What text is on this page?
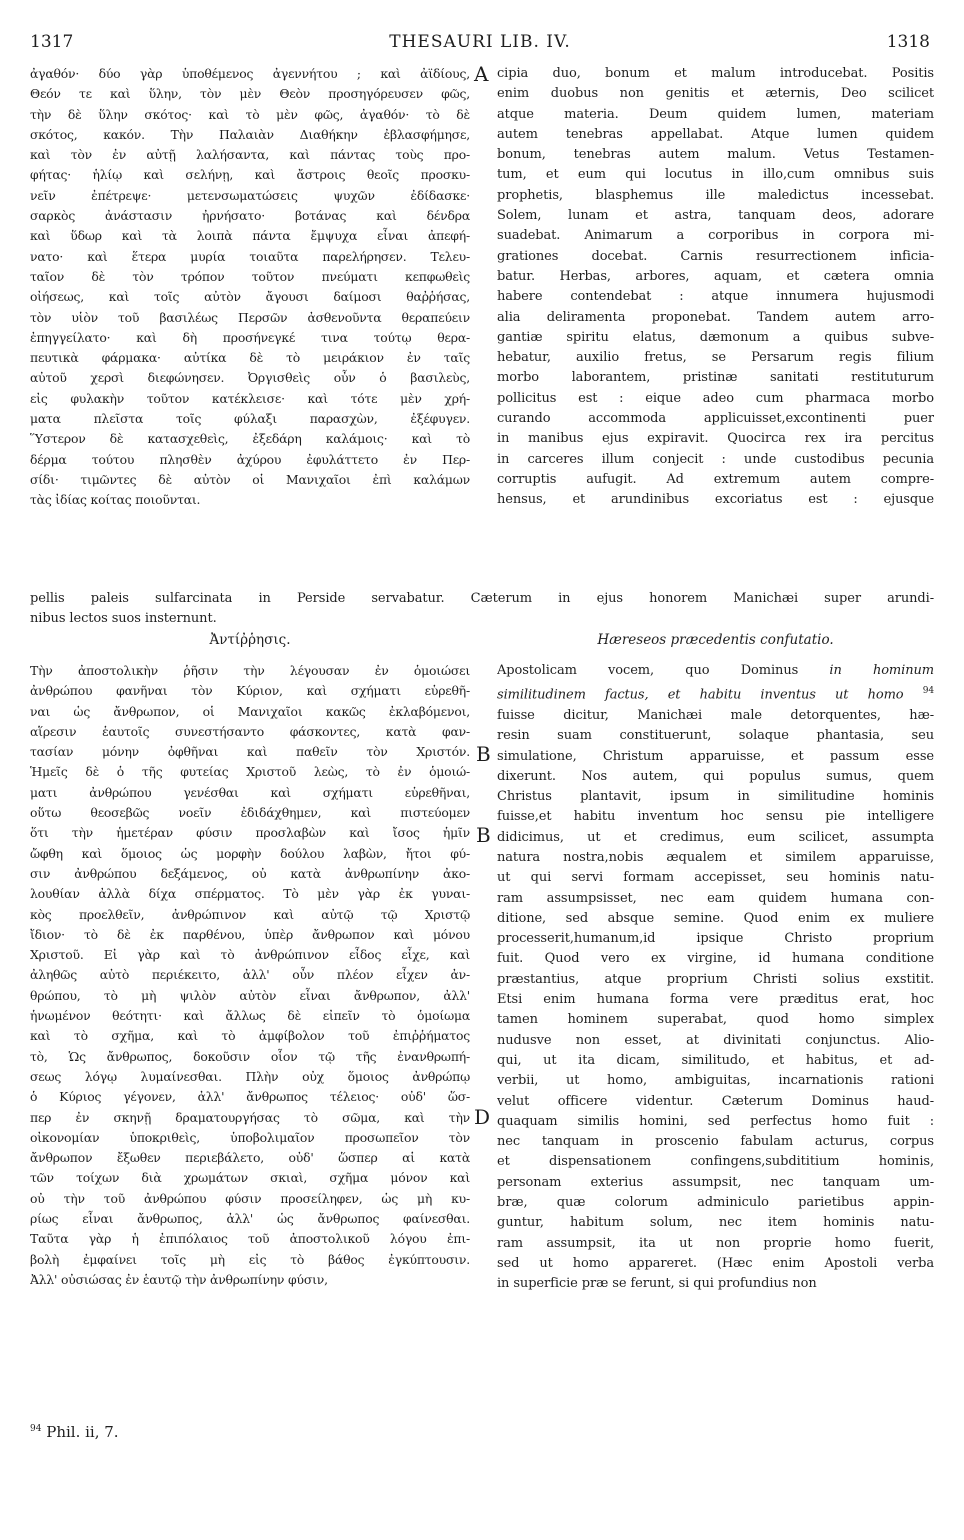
1317	THESAURI LIB. IV.	1318
ἀγαθόν· δύο γὰρ ὑποθέμενος ἀγεννήτου ; καὶ ἀϊδίους,
Θεόν τε καὶ ὕλην, τὸν μὲν Θεὸν προσηγόρευσεν φῶς,
τὴν δὲ ὕλην σκότος· καὶ τὸ μὲν φῶς, ἀγαθόν· τὸ δὲ
σκότος, κακόν. Τὴν Παλαιὰν Διαθήκην ἐβλασφήμησε,
καὶ τὸν ἐν αὐτῇ λαλήσαντα, καὶ πάντας τοὺς προ-
φήτας· ἡλίῳ καὶ σελήνῃ, καὶ ἄστροις θεοῖς προσκυ-
νεῖν ἐπέτρεψε· μετενσωματώσεις ψυχῶν ἐδίδασκε·
σαρκὸς ἀνάστασιν ἠρνήσατο· βοτάνας καὶ δένδρα
καὶ ὕδωρ καὶ τὰ λοιπὰ πάντα ἔμψυχα εἶναι ἀπεφή-
νατο· καὶ ἕτερα μυρία τοιαῦτα παρελήρησεν. Τελευ-
ταῖον δὲ τὸν τρόπον τοῦτον πνεύματι κεπφωθεὶς
οἰήσεως, καὶ τοῖς αὐτὸν ἄγουσι δαίμοσι θαῤῥήσας,
τὸν υἱὸν τοῦ βασιλέως Περσῶν ἀσθενοῦντα θεραπεύειν
ἐπηγγείλατο· καὶ δὴ προσήνεγκέ τινα τούτῳ θερα-
πευτικὰ φάρμακα· αὐτίκα δὲ τὸ μειράκιον ἐν ταῖς
αὐτοῦ χερσὶ διεφώνησεν. Ὀργισθεὶς οὖν ὁ βασιλεὺς,
εἰς φυλακὴν τοῦτον κατέκλεισε· καὶ τότε μὲν χρή-
ματα πλεῖστα τοῖς φύλαξι παρασχὼν, ἐξέφυγεν.
Ὕστερον δὲ κατασχεθεὶς, ἐξεδάρη καλάμοις· καὶ τὸ
δέρμα τούτου πλησθὲν ἀχύρου ἐφυλάττετο ἐν Περ-
σίδι· τιμῶντες δὲ αὐτὸν οἱ Μανιχαῖοι ἐπὶ καλάμων
τὰς ἰδίας κοίτας ποιοῦνται.
cipia duo, bonum et malum introducebat. Positis
enim duobus non genitis et æternis, Deo scilicet
atque materia. Deum quidem lumen, materiam
autem tenebras appellabat. Atque lumen quidem
bonum, tenebras autem malum. Vetus Testamen-
tum, et eum qui locutus in illo,cum omnibus suis
prophetis, blasphemus ille maledictus incessebat.
Solem, lunam et astra, tanquam deos, adorare
suadebat. Animarum a corporibus in corpora mi-
grationes docebat. Carnis resurrectionem inficia-
batur. Herbas, arbores, aquam, et cætera omnia
habere contendebat : atque innumera hujusmodi
alia deliramenta proponebat. Tandem autem arro-
gantiæ spiritu elatus, dæmonum a quibus subve-
hebatur, auxilio fretus, se Persarum regis filium
morbo laborantem, pristinæ sanitati restituturum
pollicitus est : eique adeo cum pharmaca morbo
curando accommoda applicuisset,excontinenti puer
in manibus ejus expiravit. Quocirca rex ira percitus
in carceres illum conjecit : unde custodibus pecunia
corruptis aufugit. Ad extremum autem compre-
hensus, et arundinibus excoriatus est : ejusque
pellis paleis sulfarcinata in Perside servabatur. Cæterum in ejus honorem Manichæi super arundi-
nibus lectos suos insternunt.
Ἀντίῤῥησις.	Hæreseos præcedentis confutatio.
Τὴν ἀποστολικὴν ῥῆσιν τὴν λέγουσαν ἐν ὁμοιώσει
ἀνθρώπου φανῆναι τὸν Κύριον, καὶ σχήματι εὑρεθῆ-
ναι ὡς ἄνθρωπον, οἱ Μανιχαῖοι κακῶς ἐκλαβόμενοι,
αἵρεσιν ἑαυτοῖς συνεστήσαντο φάσκοντες, κατὰ φαν-
τασίαν μόνην ὀφθῆναι καὶ παθεῖν τὸν Χριστόν.
Ἡμεῖς δὲ ὁ τῆς φυτείας Χριστοῦ λεὼς, τὸ ἐν ὁμοιώ-
ματι ἀνθρώπου γενέσθαι καὶ σχήματι εὑρεθῆναι,
οὕτω θεοσεβῶς νοεῖν ἐδιδάχθημεν, καὶ πιστεύομεν
ὅτι τὴν ἡμετέραν φύσιν προσλαβὼν καὶ ἴσος ἡμῖν
ὤφθη καὶ ὅμοιος ὡς μορφὴν δούλου λαβὼν, ἤτοι φύ-
σιν ἀνθρώπου δεξάμενος, οὐ κατὰ ἀνθρωπίνην ἀκο-
λουθίαν ἀλλὰ δίχα σπέρματος. Τὸ μὲν γὰρ ἐκ γυναι-
κὸς προελθεῖν, ἀνθρώπινον καὶ αὐτῷ τῷ Χριστῷ
ἴδιον· τὸ δὲ ἐκ παρθένου, ὑπὲρ ἄνθρωπον καὶ μόνου
Χριστοῦ. Εἰ γὰρ καὶ τὸ ἀνθρώπινον εἶδος εἶχε, καὶ
ἀληθῶς αὐτὸ περιέκειτο, ἀλλ' οὖν πλέον εἶχεν ἀν-
θρώπου, τὸ μὴ ψιλὸν αὐτὸν εἶναι ἄνθρωπον, ἀλλ'
ἡνωμένον θεότητι· καὶ ἄλλως δὲ εἰπεῖν τὸ ὁμοίωμα
καὶ τὸ σχῆμα, καὶ τὸ ἀμφίβολον τοῦ ἐπιῤῥήματος
τὸ, Ὡς ἄνθρωπος, δοκοῦσιν οἷον τῷ τῆς ἐνανθρωπή-
σεως λόγῳ λυμαίνεσθαι. Πλὴν οὐχ ὅμοιος ἀνθρώπῳ
ὁ Κύριος γέγονεν, ἀλλ' ἄνθρωπος τέλειος· οὐδ' ὥσ-
περ ἐν σκηνῇ δραματουργήσας τὸ σῶμα, καὶ τὴν
οἰκονομίαν ὑποκριθεὶς, ὑποβολιμαῖον προσωπεῖον τὸν
ἄνθρωπον ἔξωθεν περιεβάλετο, οὐδ' ὥσπερ αἱ κατὰ
τῶν τοίχων διὰ χρωμάτων σκιαὶ, σχῆμα μόνον καὶ
οὐ τὴν τοῦ ἀνθρώπου φύσιν προσείληφεν, ὡς μὴ κυ-
ρίως εἶναι ἄνθρωπος, ἀλλ' ὡς ἄνθρωπος φαίνεσθαι.
Ταῦτα γὰρ ἡ ἐπιπόλαιος τοῦ ἀποστολικοῦ λόγου ἐπι-
βολὴ ἐμφαίνει τοῖς μὴ εἰς τὸ βάθος ἐγκύπτουσιν.
Ἀλλ' οὐσιώσας ἐν ἑαυτῷ τὴν ἀνθρωπίνην φύσιν,
Apostolicam vocem, quo Dominus in hominum
similitudinem factus, et habitu inventus ut homo $^{94}$
fuisse dicitur, Manichæi male detorquentes, hæ-
resin suam constituerunt, solaque phantasia, seu
simulatione, Christum apparuisse, et passum esse
dixerunt. Nos autem, qui populus sumus, quem
Christus plantavit, ipsum in similitudine hominis
fuisse,et habitu inventum hoc sensu pie intelligere
didicimus, ut et credimus, eum scilicet, assumpta
natura nostra,nobis æqualem et similem apparuisse,
ut qui servi formam accepisset, seu hominis natu-
ram assumpsisset, nec eam quidem humana con-
ditione, sed absque semine. Quod enim ex muliere
processerit,humanum,id ipsique Christo proprium
fuit. Quod vero ex virgine, id humana conditione
præstantius, atque proprium Christi solius exstitit.
Etsi enim humana forma vere præditus erat, hoc
tamen hominem superabat, quod homo simplex
nudusve non esset, at divinitati conjunctus. Alio-
qui, ut ita dicam, similitudo, et habitus, et ad-
verbii, ut homo, ambiguitas, incarnationis rationi
velut officere videntur. Cæterum Dominus haud-
quaquam similis homini, sed perfectus homo fuit :
nec tanquam in proscenio fabulam acturus, corpus
et dispensationem confingens,subdititium hominis,
personam exterius assumpsit, nec tanquam um-
bræ, quæ colorum adminiculo parietibus appin-
guntur, habitum solum, nec item hominis natu-
ram assumpsit, ita ut non proprie homo fuerit,
sed ut homo appareret. (Hæc enim Apostoli verba
in superficie præ se ferunt, si qui profundius non
A
B
B
D
$^{94}$ Phil. ii, 7.
